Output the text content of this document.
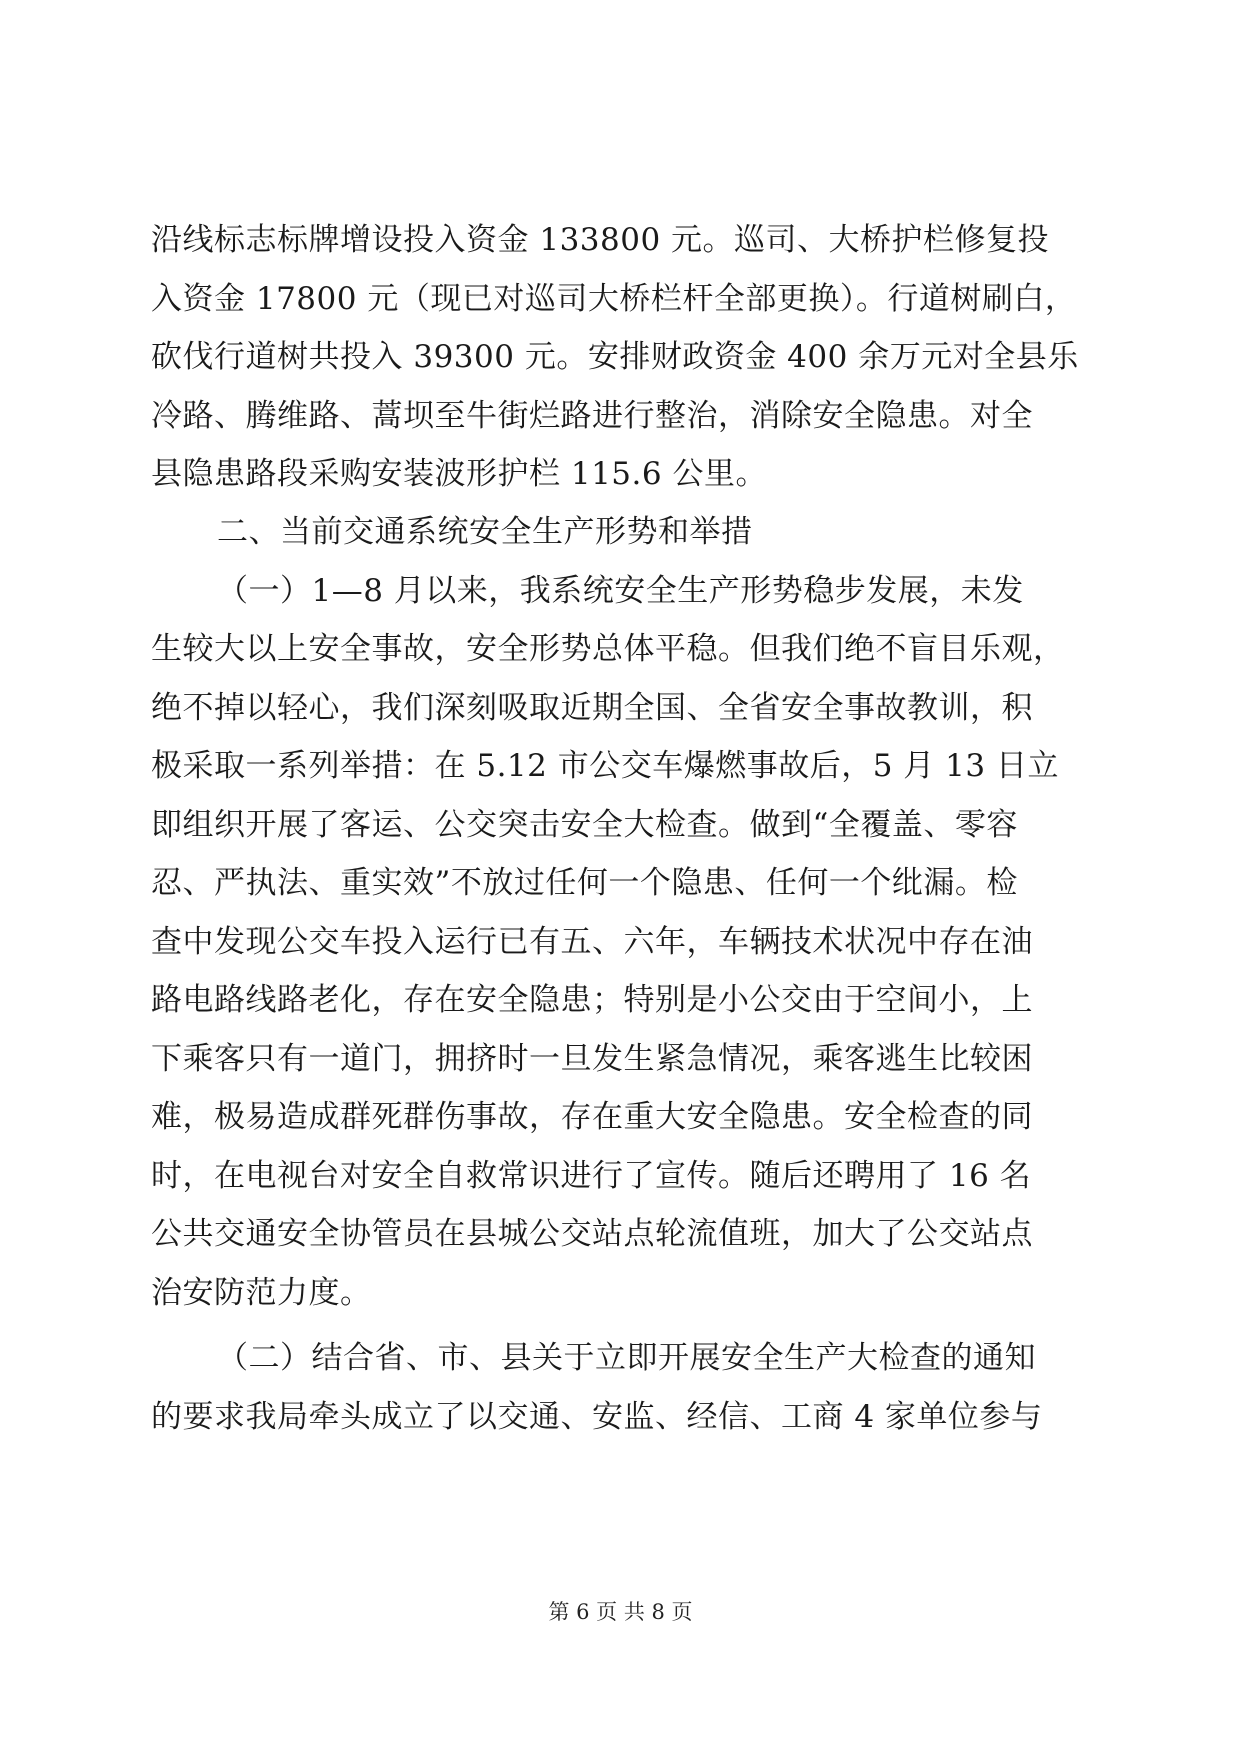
沿线标志标牌增设投入资金 133800 元。巡司、大桥护栏修复投
入资金 17800 元（现已对巡司大桥栏杆全部更换）。行道树刷白，
砍伐行道树共投入 39300 元。安排财政资金 400 余万元对全县乐
冷路、腾维路、蒿坝至牛街烂路进行整治，消除安全隐患。对全
县隐患路段采购安装波形护栏 115.6 公里。
二、当前交通系统安全生产形势和举措
（一）1—8 月以来，我系统安全生产形势稳步发展，未发
生较大以上安全事故，安全形势总体平稳。但我们绝不盲目乐观，
绝不掉以轻心，我们深刻吸取近期全国、全省安全事故教训，积
极采取一系列举措：在 5.12 市公交车爆燃事故后，5 月 13 日立
即组织开展了客运、公交突击安全大检查。做到“全覆盖、零容
忍、严执法、重实效”不放过任何一个隐患、任何一个纰漏。检
查中发现公交车投入运行已有五、六年，车辆技术状况中存在油
路电路线路老化，存在安全隐患；特别是小公交由于空间小，上
下乘客只有一道门，拥挤时一旦发生紧急情况，乘客逃生比较困
难，极易造成群死群伤事故，存在重大安全隐患。安全检查的同
时，在电视台对安全自救常识进行了宣传。随后还聘用了 16 名
公共交通安全协管员在县城公交站点轮流值班，加大了公交站点
治安防范力度。
（二）结合省、市、县关于立即开展安全生产大检查的通知
的要求我局牵头成立了以交通、安监、经信、工商 4 家单位参与
第 6 页 共 8 页
